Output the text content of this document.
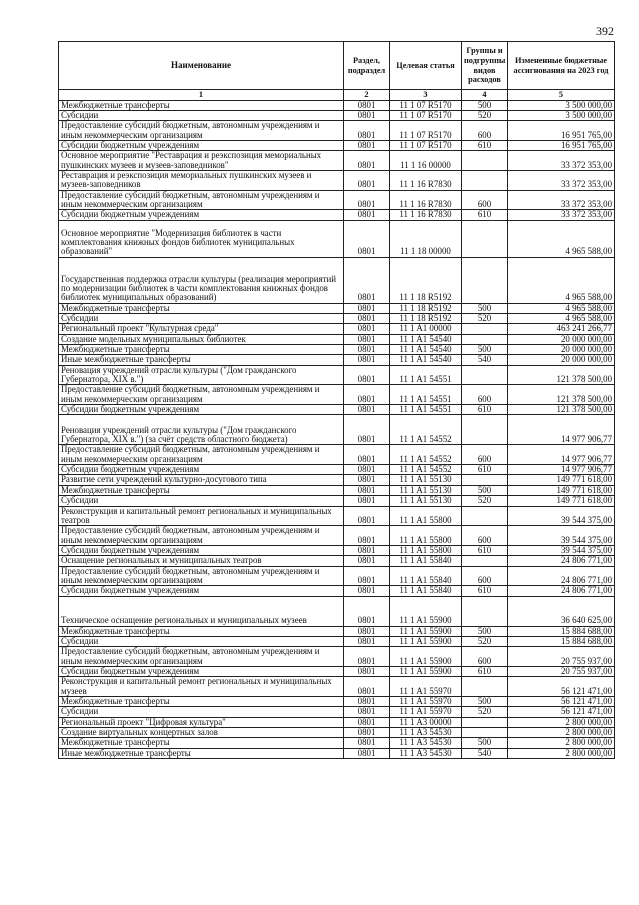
392
Наименование	Раздел, подраздел	Целевая статья	Группы и подгруппы видов расходов	Измененные бюджетные ассигнования на 2023 год
1	2	3	4	5
Межбюджетные трансферты	0801	11 1 07 R5170	500	3 500 000,00
Субсидии	0801	11 1 07 R5170	520	3 500 000,00
Предоставление субсидий бюджетным, автономным учреждениям и иным некоммерческим организациям	0801	11 1 07 R5170	600	16 951 765,00
Субсидии бюджетным учреждениям	0801	11 1 07 R5170	610	16 951 765,00
Основное мероприятие "Реставрация и реэкспозиция мемориальных пушкинских музеев и музеев-заповедников"	0801	11 1 16 00000		33 372 353,00
Реставрация и реэкспозиция мемориальных пушкинских музеев и музеев-заповедников	0801	11 1 16 R7830		33 372 353,00
Предоставление субсидий бюджетным, автономным учреждениям и иным некоммерческим организациям	0801	11 1 16 R7830	600	33 372 353,00
Субсидии бюджетным учреждениям	0801	11 1 16 R7830	610	33 372 353,00
Основное мероприятие "Модернизация библиотек в части комплектования книжных фондов библиотек муниципальных образований"	0801	11 1 18 00000		4 965 588,00
Государственная поддержка отрасли культуры (реализация мероприятий по модернизации библиотек в части комплектования книжных фондов библиотек муниципальных образований)	0801	11 1 18 R5192		4 965 588,00
Межбюджетные трансферты	0801	11 1 18 R5192	500	4 965 588,00
Субсидии	0801	11 1 18 R5192	520	4 965 588,00
Региональный проект "Культурная среда"	0801	11 1 A1 00000		463 241 266,77
Создание модельных муниципальных библиотек	0801	11 1 A1 54540		20 000 000,00
Межбюджетные трансферты	0801	11 1 A1 54540	500	20 000 000,00
Иные межбюджетные трансферты	0801	11 1 A1 54540	540	20 000 000,00
Реновация учреждений отрасли культуры ("Дом гражданского Губернатора, XIX в.")	0801	11 1 A1 54551		121 378 500,00
Предоставление субсидий бюджетным, автономным учреждениям и иным некоммерческим организациям	0801	11 1 A1 54551	600	121 378 500,00
Субсидии бюджетным учреждениям	0801	11 1 A1 54551	610	121 378 500,00
Реновация учреждений отрасли культуры ("Дом гражданского Губернатора, XIX в.") (за счёт средств областного бюджета)	0801	11 1 A1 54552		14 977 906,77
Предоставление субсидий бюджетным, автономным учреждениям и иным некоммерческим организациям	0801	11 1 A1 54552	600	14 977 906,77
Субсидии бюджетным учреждениям	0801	11 1 A1 54552	610	14 977 906,77
Развитие сети учреждений культурно-досугового типа	0801	11 1 A1 55130		149 771 618,00
Межбюджетные трансферты	0801	11 1 A1 55130	500	149 771 618,00
Субсидии	0801	11 1 A1 55130	520	149 771 618,00
Реконструкция и капитальный ремонт региональных и муниципальных театров	0801	11 1 A1 55800		39 544 375,00
Предоставление субсидий бюджетным, автономным учреждениям и иным некоммерческим организациям	0801	11 1 A1 55800	600	39 544 375,00
Субсидии бюджетным учреждениям	0801	11 1 A1 55800	610	39 544 375,00
Оснащение региональных и муниципальных театров	0801	11 1 A1 55840		24 806 771,00
Предоставление субсидий бюджетным, автономным учреждениям и иным некоммерческим организациям	0801	11 1 A1 55840	600	24 806 771,00
Субсидии бюджетным учреждениям	0801	11 1 A1 55840	610	24 806 771,00
Техническое оснащение региональных и муниципальных музеев	0801	11 1 A1 55900		36 640 625,00
Межбюджетные трансферты	0801	11 1 A1 55900	500	15 884 688,00
Субсидии	0801	11 1 A1 55900	520	15 884 688,00
Предоставление субсидий бюджетным, автономным учреждениям и иным некоммерческим организациям	0801	11 1 A1 55900	600	20 755 937,00
Субсидии бюджетным учреждениям	0801	11 1 A1 55900	610	20 755 937,00
Реконструкция и капитальный ремонт региональных и муниципальных музеев	0801	11 1 A1 55970		56 121 471,00
Межбюджетные трансферты	0801	11 1 A1 55970	500	56 121 471,00
Субсидии	0801	11 1 A1 55970	520	56 121 471,00
Региональный проект "Цифровая культура"	0801	11 1 A3 00000		2 800 000,00
Создание виртуальных концертных залов	0801	11 1 A3 54530		2 800 000,00
Межбюджетные трансферты	0801	11 1 A3 54530	500	2 800 000,00
Иные межбюджетные трансферты	0801	11 1 A3 54530	540	2 800 000,00
